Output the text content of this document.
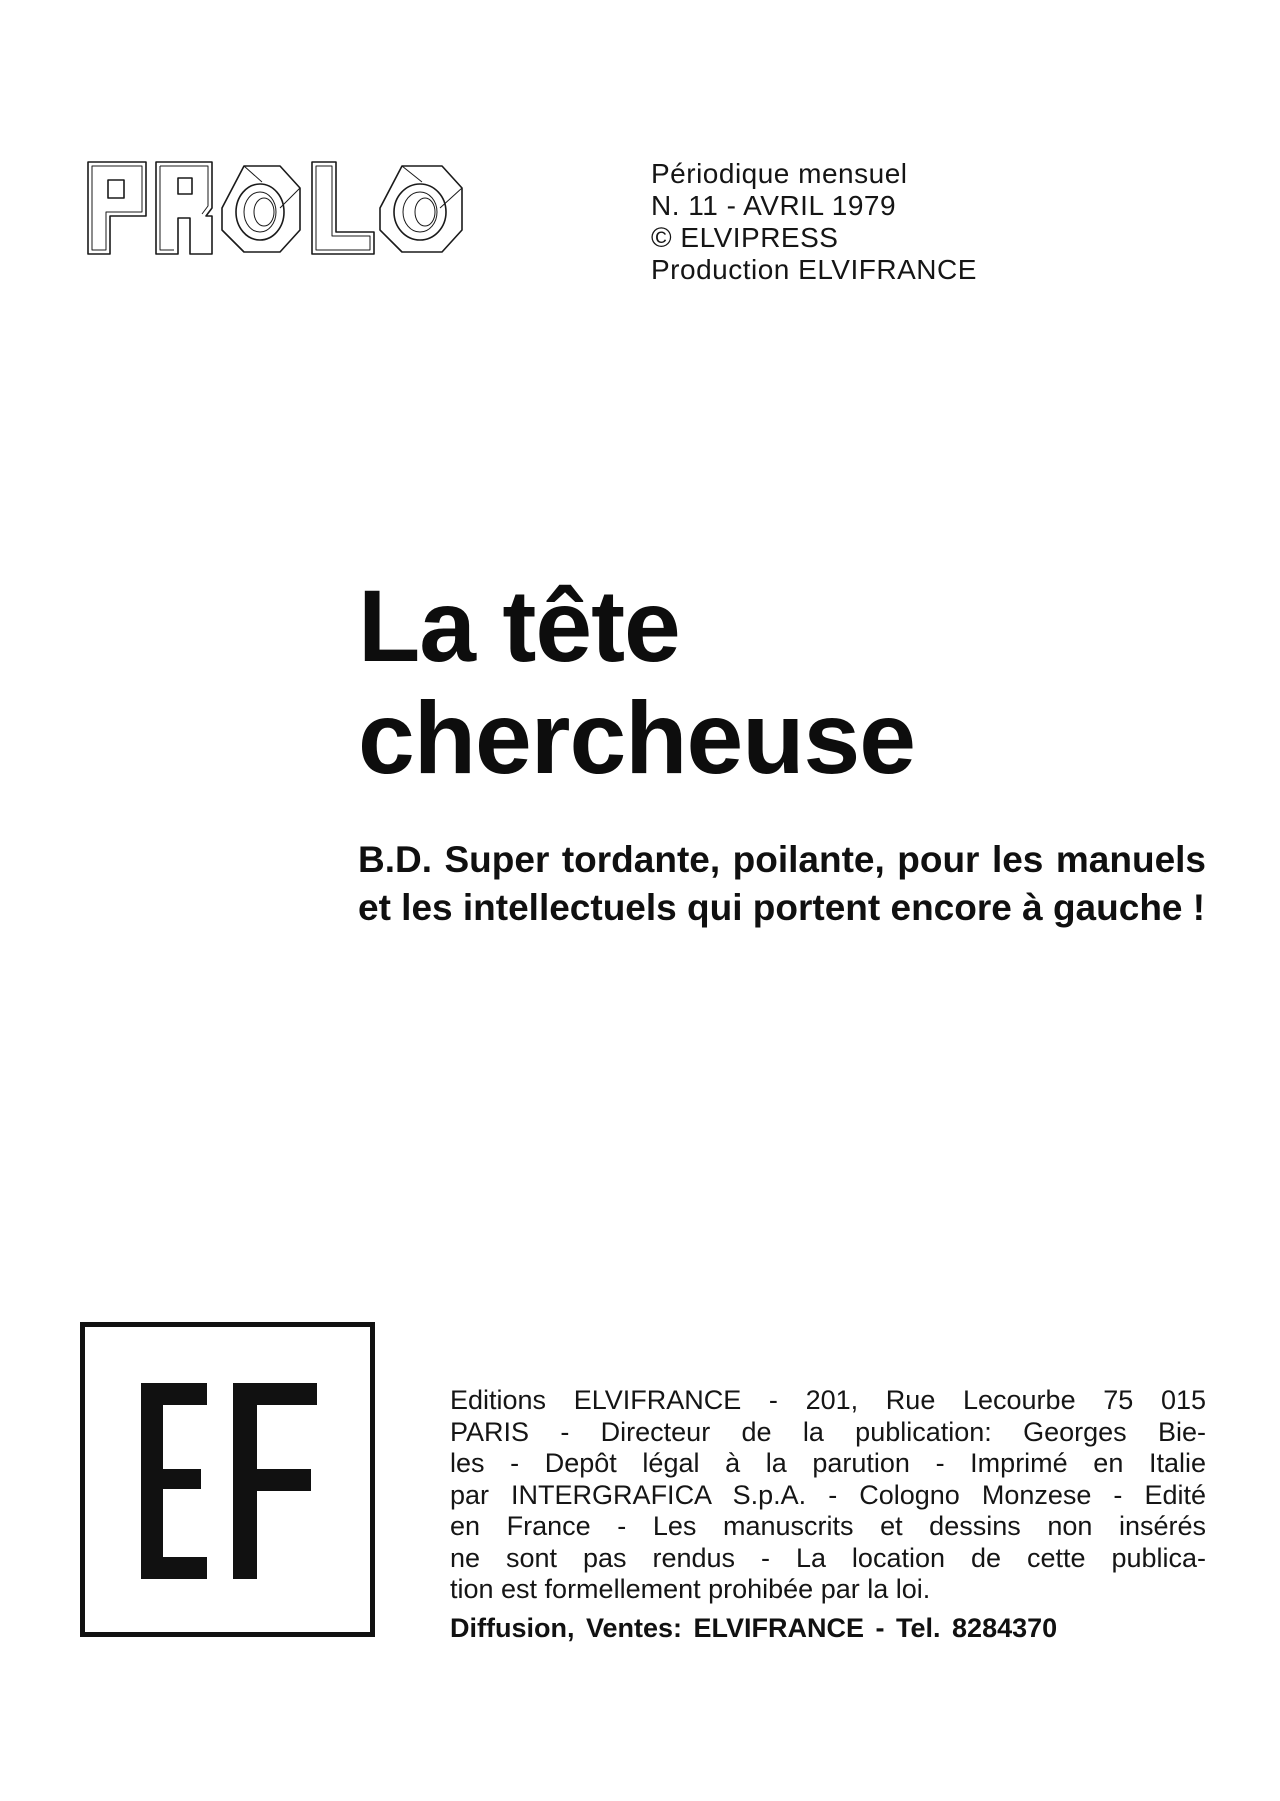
Périodique mensuel
N. 11 - AVRIL 1979
© ELVIPRESS
Production ELVIFRANCE
La tête
chercheuse
B.D. Super tordante, poilante, pour les manuels et les intellectuels qui portent encore à gauche !
Editions ELVIFRANCE - 201, Rue Lecourbe 75 015
PARIS - Directeur de la publication: Georges Bie-
les - Depôt légal à la parution - Imprimé en Italie
par INTERGRAFICA S.p.A. - Cologno Monzese - Edité
en France - Les manuscrits et dessins non insérés
ne sont pas rendus - La location de cette publica-
tion est formellement prohibée par la loi.
Diffusion, Ventes: ELVIFRANCE - Tel. 8284370
